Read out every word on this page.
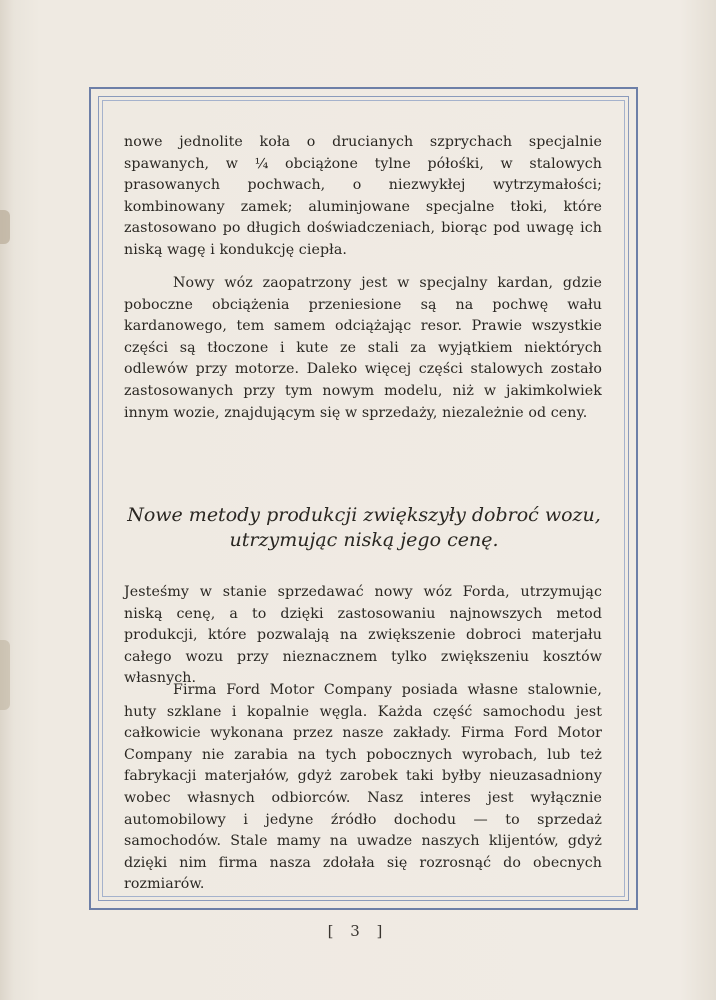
nowe jednolite koła o drucianych szprychach specjalnie spawanych, w ¼ obciążone tylne półośki, w stalowych prasowanych pochwach, o niezwykłej wytrzymałości; kombinowany zamek; aluminjowane specjalne tłoki, które zastosowano po długich doświadczeniach, biorąc pod uwagę ich niską wagę i kondukcję ciepła.

Nowy wóz zaopatrzony jest w specjalny kardan, gdzie poboczne obciążenia przeniesione są na pochwę wału kardanowego, tem samem odciążając resor. Prawie wszystkie części są tłoczone i kute ze stali za wyjątkiem niektórych odlewów przy motorze. Daleko więcej części stalowych zostało zastosowanych przy tym nowym modelu, niż w jakimkolwiek innym wozie, znajdującym się w sprzedaży, niezależnie od ceny.

Nowe metody produkcji zwiększyły dobroć wozu,
utrzymując niską jego cenę.

Jesteśmy w stanie sprzedawać nowy wóz Forda, utrzymując niską cenę, a to dzięki zastosowaniu najnowszych metod produkcji, które pozwalają na zwiększenie dobroci materjału całego wozu przy nieznacznem tylko zwiększeniu kosztów własnych.

Firma Ford Motor Company posiada własne stalownie, huty szklane i kopalnie węgla. Każda część samochodu jest całkowicie wykonana przez nasze zakłady. Firma Ford Motor Company nie zarabia na tych pobocznych wyrobach, lub też fabrykacji materjałów, gdyż zarobek taki byłby nieuzasadniony wobec własnych odbiorców. Nasz interes jest wyłącznie automobilowy i jedyne źródło dochodu — to sprzedaż samochodów. Stale mamy na uwadze naszych klijentów, gdyż dzięki nim firma nasza zdołała się rozrosnąć do obecnych rozmiarów.

[ 3 ]
